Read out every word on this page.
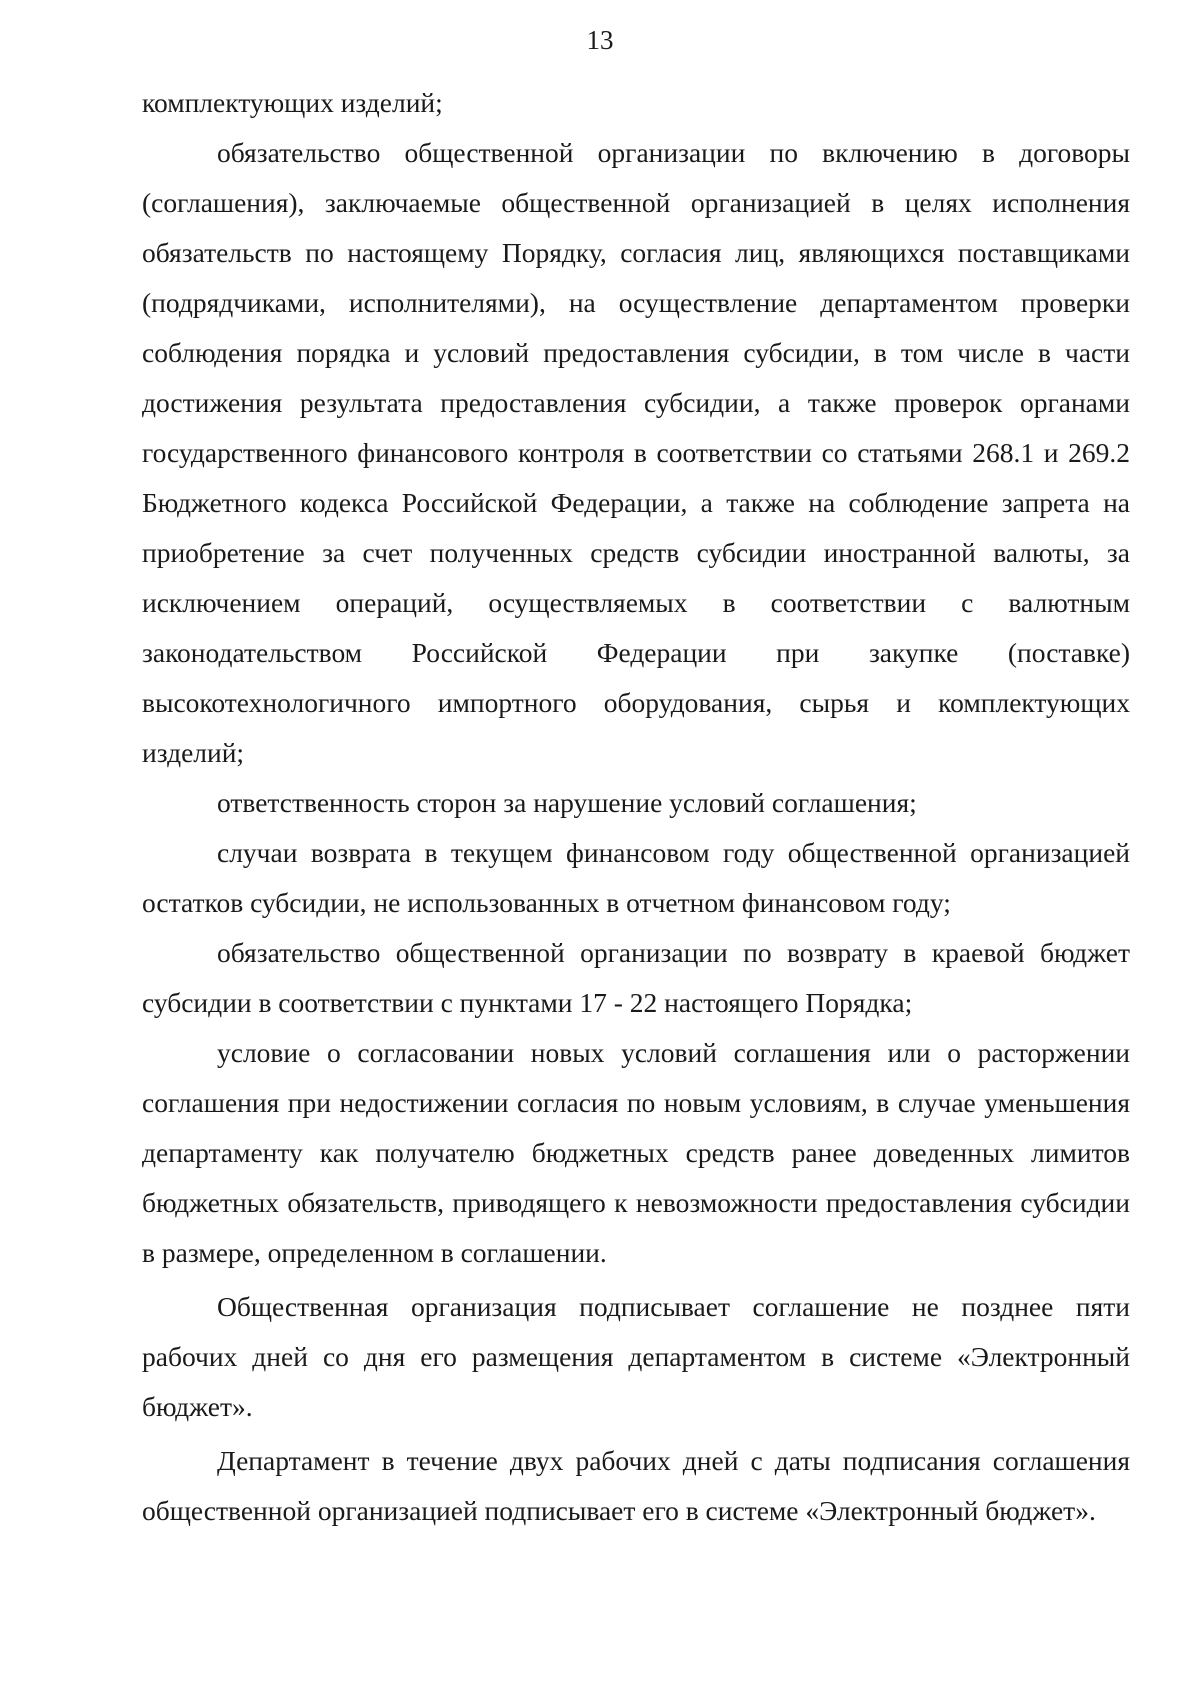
13

комплектующих изделий;

обязательство общественной организации по включению в договоры (соглашения), заключаемые общественной организацией в целях исполнения обязательств по настоящему Порядку, согласия лиц, являющихся поставщиками (подрядчиками, исполнителями), на осуществление департаментом проверки соблюдения порядка и условий предоставления субсидии, в том числе в части достижения результата предоставления субсидии, а также проверок органами государственного финансового контроля в соответствии со статьями 268.1 и 269.2 Бюджетного кодекса Российской Федерации, а также на соблюдение запрета на приобретение за счет полученных средств субсидии иностранной валюты, за исключением операций, осуществляемых в соответствии с валютным законодательством Российской Федерации при закупке (поставке) высокотехнологичного импортного оборудования, сырья и комплектующих изделий;

ответственность сторон за нарушение условий соглашения;

случаи возврата в текущем финансовом году общественной организацией остатков субсидии, не использованных в отчетном финансовом году;

обязательство общественной организации по возврату в краевой бюджет субсидии в соответствии с пунктами 17 - 22 настоящего Порядка;

условие о согласовании новых условий соглашения или о расторжении соглашения при недостижении согласия по новым условиям, в случае уменьшения департаменту как получателю бюджетных средств ранее доведенных лимитов бюджетных обязательств, приводящего к невозможности предоставления субсидии в размере, определенном в соглашении.

Общественная организация подписывает соглашение не позднее пяти рабочих дней со дня его размещения департаментом в системе «Электронный бюджет».

Департамент в течение двух рабочих дней с даты подписания соглашения общественной организацией подписывает его в системе «Электронный бюджет».
